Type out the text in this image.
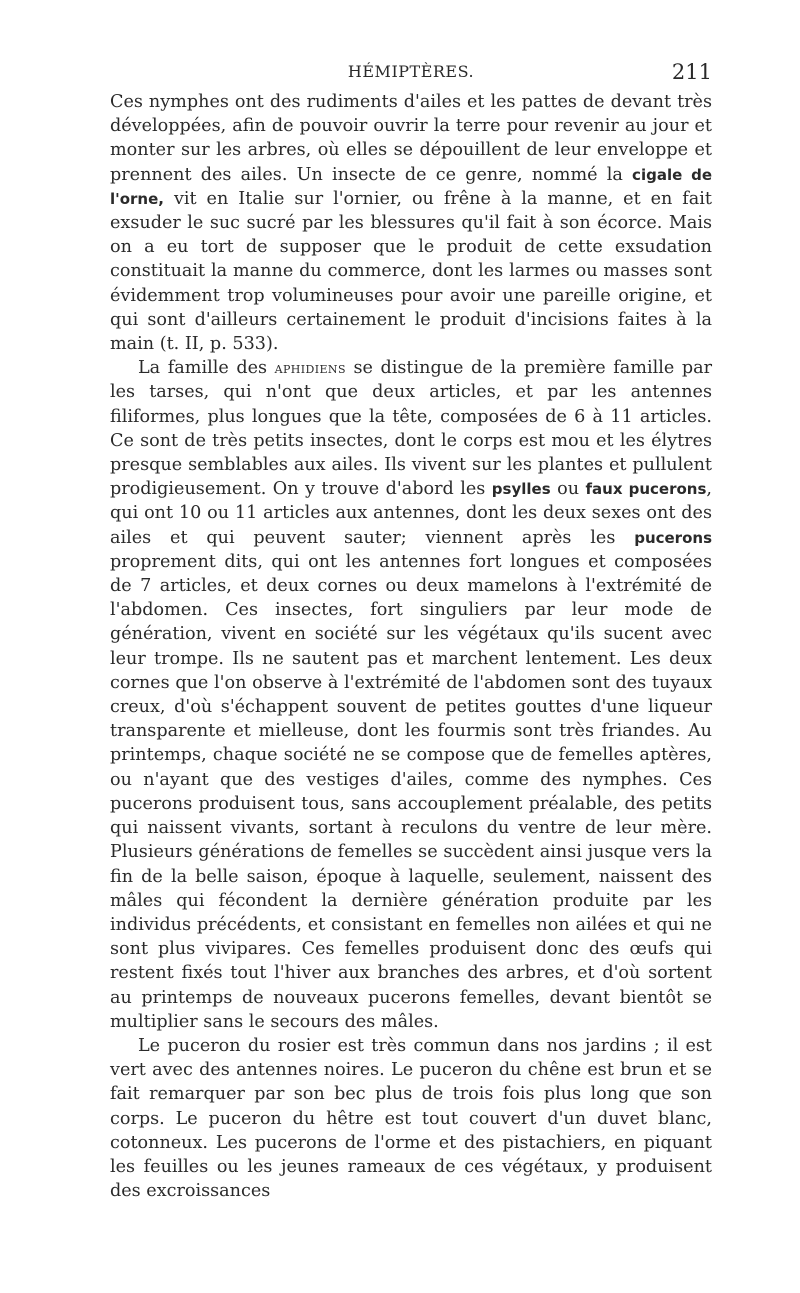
HÉMIPTÈRES.	211

Ces nymphes ont des rudiments d'ailes et les pattes de devant très développées, afin de pouvoir ouvrir la terre pour revenir au jour et monter sur les arbres, où elles se dépouillent de leur enveloppe et prennent des ailes. Un insecte de ce genre, nommé la cigale de l'orne, vit en Italie sur l'ornier, ou frêne à la manne, et en fait exsuder le suc sucré par les blessures qu'il fait à son écorce. Mais on a eu tort de supposer que le produit de cette exsudation constituait la manne du commerce, dont les larmes ou masses sont évidemment trop volumineuses pour avoir une pareille origine, et qui sont d'ailleurs certainement le produit d'incisions faites à la main (t. II, p. 533).

La famille des aphidiens se distingue de la première famille par les tarses, qui n'ont que deux articles, et par les antennes filiformes, plus longues que la tête, composées de 6 à 11 articles. Ce sont de très petits insectes, dont le corps est mou et les élytres presque semblables aux ailes. Ils vivent sur les plantes et pullulent prodigieusement. On y trouve d'abord les psylles ou faux pucerons, qui ont 10 ou 11 articles aux antennes, dont les deux sexes ont des ailes et qui peuvent sauter; viennent après les pucerons proprement dits, qui ont les antennes fort longues et composées de 7 articles, et deux cornes ou deux mamelons à l'extrémité de l'abdomen. Ces insectes, fort singuliers par leur mode de génération, vivent en société sur les végétaux qu'ils sucent avec leur trompe. Ils ne sautent pas et marchent lentement. Les deux cornes que l'on observe à l'extrémité de l'abdomen sont des tuyaux creux, d'où s'échappent souvent de petites gouttes d'une liqueur transparente et mielleuse, dont les fourmis sont très friandes. Au printemps, chaque société ne se compose que de femelles aptères, ou n'ayant que des vestiges d'ailes, comme des nymphes. Ces pucerons produisent tous, sans accouplement préalable, des petits qui naissent vivants, sortant à reculons du ventre de leur mère. Plusieurs générations de femelles se succèdent ainsi jusque vers la fin de la belle saison, époque à laquelle, seulement, naissent des mâles qui fécondent la dernière génération produite par les individus précédents, et consistant en femelles non ailées et qui ne sont plus vivipares. Ces femelles produisent donc des œufs qui restent fixés tout l'hiver aux branches des arbres, et d'où sortent au printemps de nouveaux pucerons femelles, devant bientôt se multiplier sans le secours des mâles.

Le puceron du rosier est très commun dans nos jardins ; il est vert avec des antennes noires. Le puceron du chêne est brun et se fait remarquer par son bec plus de trois fois plus long que son corps. Le puceron du hêtre est tout couvert d'un duvet blanc, cotonneux. Les pucerons de l'orme et des pistachiers, en piquant les feuilles ou les jeunes rameaux de ces végétaux, y produisent des excroissances
